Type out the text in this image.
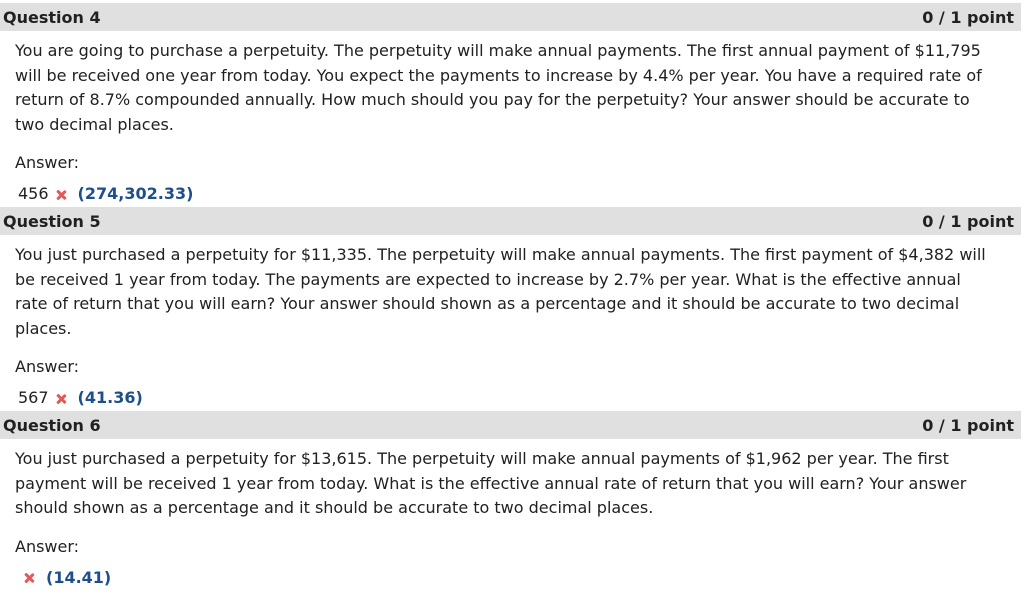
Question 4	0 / 1 point
You are going to purchase a perpetuity. The perpetuity will make annual payments. The first annual payment of $11,795 will be received one year from today. You expect the payments to increase by 4.4% per year. You have a required rate of return of 8.7% compounded annually. How much should you pay for the perpetuity? Your answer should be accurate to two decimal places.
Answer:
456 (274,302.33)
Question 5	0 / 1 point
You just purchased a perpetuity for $11,335. The perpetuity will make annual payments. The first payment of $4,382 will be received 1 year from today. The payments are expected to increase by 2.7% per year. What is the effective annual rate of return that you will earn? Your answer should shown as a percentage and it should be accurate to two decimal places.
Answer:
567 (41.36)
Question 6	0 / 1 point
You just purchased a perpetuity for $13,615. The perpetuity will make annual payments of $1,962 per year. The first payment will be received 1 year from today. What is the effective annual rate of return that you will earn? Your answer should shown as a percentage and it should be accurate to two decimal places.
Answer:
(14.41)
